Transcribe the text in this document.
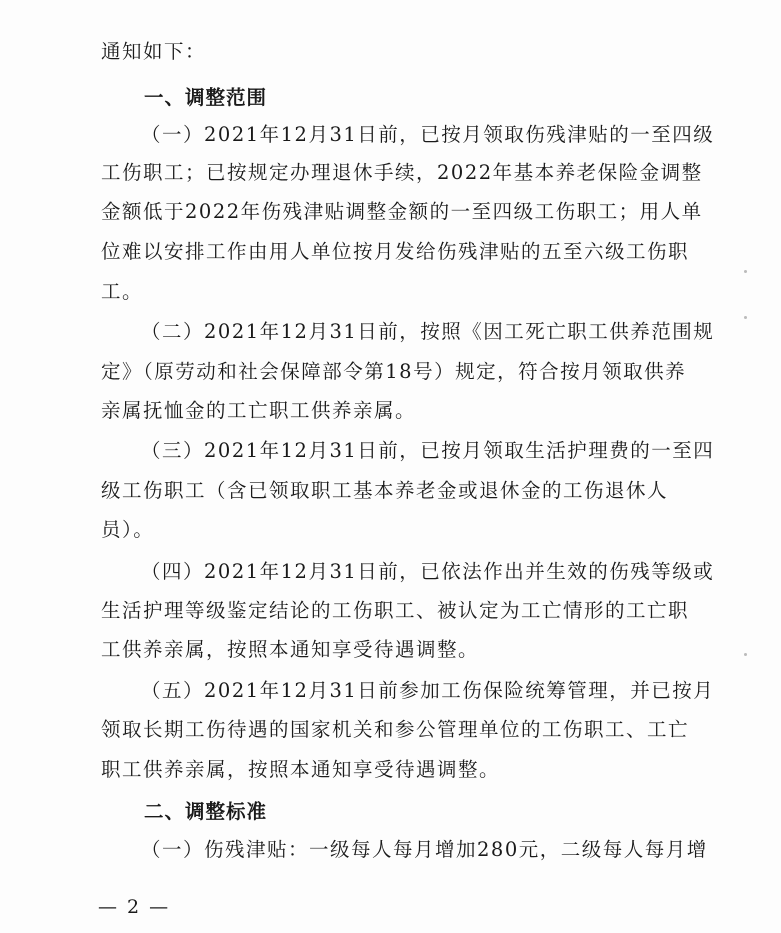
通知如下：
一、调整范围
（一）2021年12月31日前，已按月领取伤残津贴的一至四级
工伤职工；已按规定办理退休手续，2022年基本养老保险金调整
金额低于2022年伤残津贴调整金额的一至四级工伤职工；用人单
位难以安排工作由用人单位按月发给伤残津贴的五至六级工伤职
工。
（二）2021年12月31日前，按照《因工死亡职工供养范围规
定》（原劳动和社会保障部令第18号）规定，符合按月领取供养
亲属抚恤金的工亡职工供养亲属。
（三）2021年12月31日前，已按月领取生活护理费的一至四
级工伤职工（含已领取职工基本养老金或退休金的工伤退休人
员）。
（四）2021年12月31日前，已依法作出并生效的伤残等级或
生活护理等级鉴定结论的工伤职工、被认定为工亡情形的工亡职
工供养亲属，按照本通知享受待遇调整。
（五）2021年12月31日前参加工伤保险统筹管理，并已按月
领取长期工伤待遇的国家机关和参公管理单位的工伤职工、工亡
职工供养亲属，按照本通知享受待遇调整。
二、调整标准
（一）伤残津贴：一级每人每月增加280元，二级每人每月增
— 2 —
